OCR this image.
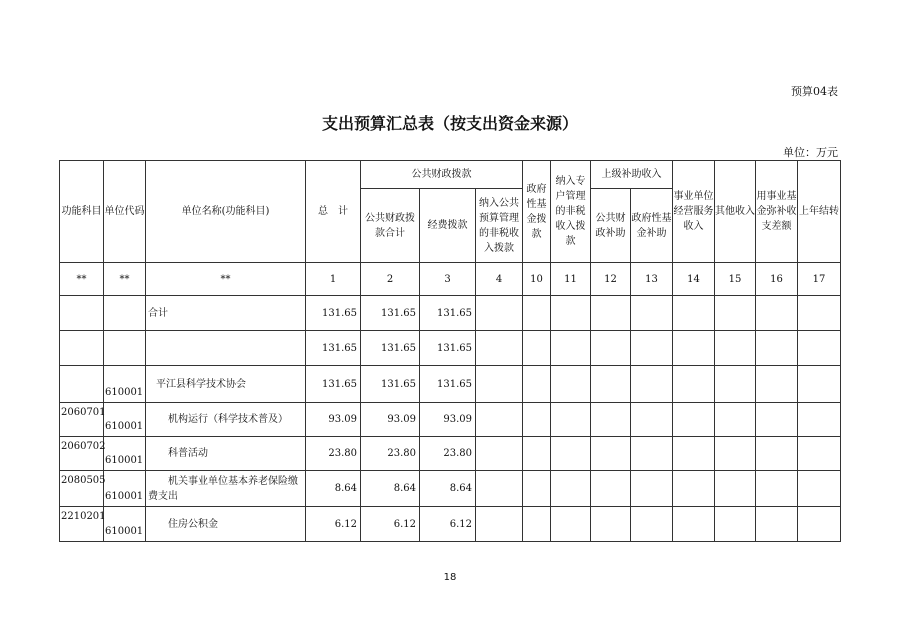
预算04表
支出预算汇总表（按支出资金来源）
单位：万元
功能科目	单位代码	单位名称(功能科目)	总　计	公共财政拨款			政府性基金拨款	纳入专户管理的非税收入拨款	上级补助收入		事业单位经营服务收入	其他收入	用事业基金弥补收支差额	上年结转
				公共财政拨款合计	经费拨款	纳入公共预算管理的非税收入拨款			公共财政补助	政府性基金补助				
**	**	**	1	2	3	4	10	11	12	13	14	15	16	17
		合计	131.65	131.65	131.65									
			131.65	131.65	131.65									

	610001	平江县科学技术协会	131.65	131.65	131.65									

2060701	610001	机构运行（科学技术普及）	93.09	93.09	93.09									

2060702	610001	科普活动	23.80	23.80	23.80									

2080505	610001	机关事业单位基本养老保险缴费支出	8.64	8.64	8.64									

2210201	610001	住房公积金	6.12	6.12	6.12									
18
